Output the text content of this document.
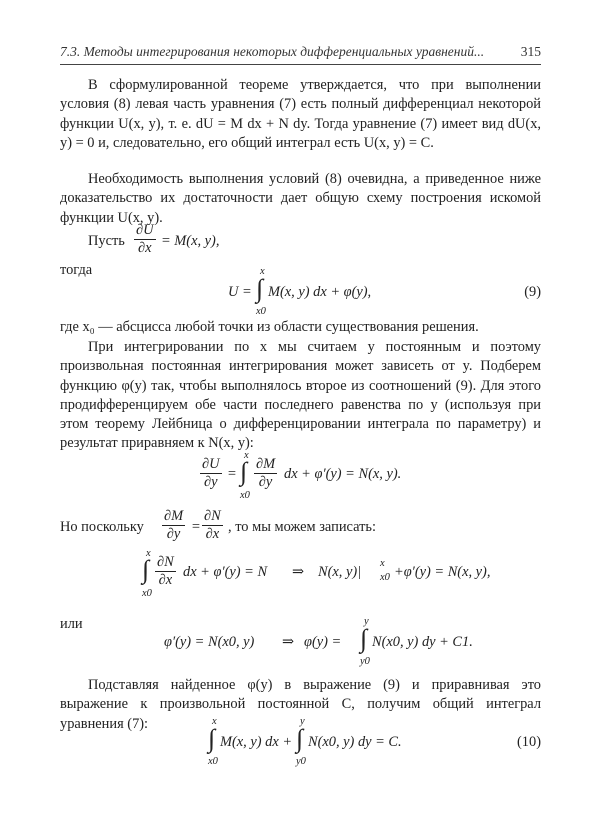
7.3. Методы интегрирования некоторых дифференциальных уравнений...	315

В сформулированной теореме утверждается, что при выполнении условия (8) левая часть уравнения (7) есть полный дифференциал некоторой функции U(x, y), т. е. dU = M dx + N dy. Тогда уравнение (7) имеет вид dU(x, y) = 0 и, следовательно, его общий интеграл есть U(x, y) = C.

Необходимость выполнения условий (8) очевидна, а приведенное ниже доказательство их достаточности дает общую схему построения искомой функции U(x, y).

Пусть $\frac{\partial U}{\partial x} = M(x$, y),
тогда
U =
x
∫
x0
M(x, y) dx + φ(y),	(9)

где x₀ — абсцисса любой точки из области существования решения.

При интегрировании по x мы считаем y постоянным и поэтому произвольная постоянная интегрирования может зависеть от y. Подберем функцию φ(y) так, чтобы выполнялось второе из соотношений (9). Для этого продифференцируем обе части последнего равенства по y (используя при этом теорему Лейбница о дифференцировании интеграла по параметру) и результат приравняем к N(x, y):

$\frac{\partial U}{\partial y}$ =
x
∫
x0
$\frac{\partial M}{\partial y}$ dx + φ′(y) = N(x, y).
Но поскольку $\frac{\partial M}{\partial y} = \frac{\partial N}{\partial x}$ , то мы можем записать:
x
∫
x0
$\frac{\partial N}{\partial x}$ dx + φ′(y) = N ⇒ N(x, y)|
x
x0 +φ′(y) = N(x, y),
или
φ′(y) = N(x0, y) ⇒ φ(y) =
y
∫
y0
N(x0, y) dy + C1.

Подставляя найденное φ(y) в выражение (9) и приравнивая это выражение к произвольной постоянной C, получим общий интеграл уравнения (7):	x
∫
x0
M(x, y) dx +
y
∫
y0
N(x0, y) dy = C.	(10)
